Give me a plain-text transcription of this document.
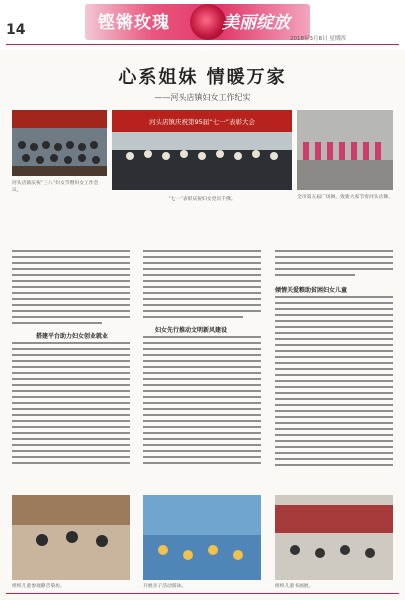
14	铿锵玫瑰	美丽绽放
2018年3月8日 星期四
心系姐妹 情暖万家
——河头店镇妇女工作纪实
河头店镇庆祝“三八”妇女节暨妇女工作会议。
河头店镇庆祝第95届“七一”表彰大会
“七一”表彰庆祝妇女党员千佛。	全市第五届广场舞，致新大家节奏河头店舞。
搭建平台助力妇女创业就业
妇女先行推动文明新风建设
倾情关爱粮助贫困妇女儿童
组织儿童参观静音染坊。	开展亲子活动游泳。	组织儿童书画展。
